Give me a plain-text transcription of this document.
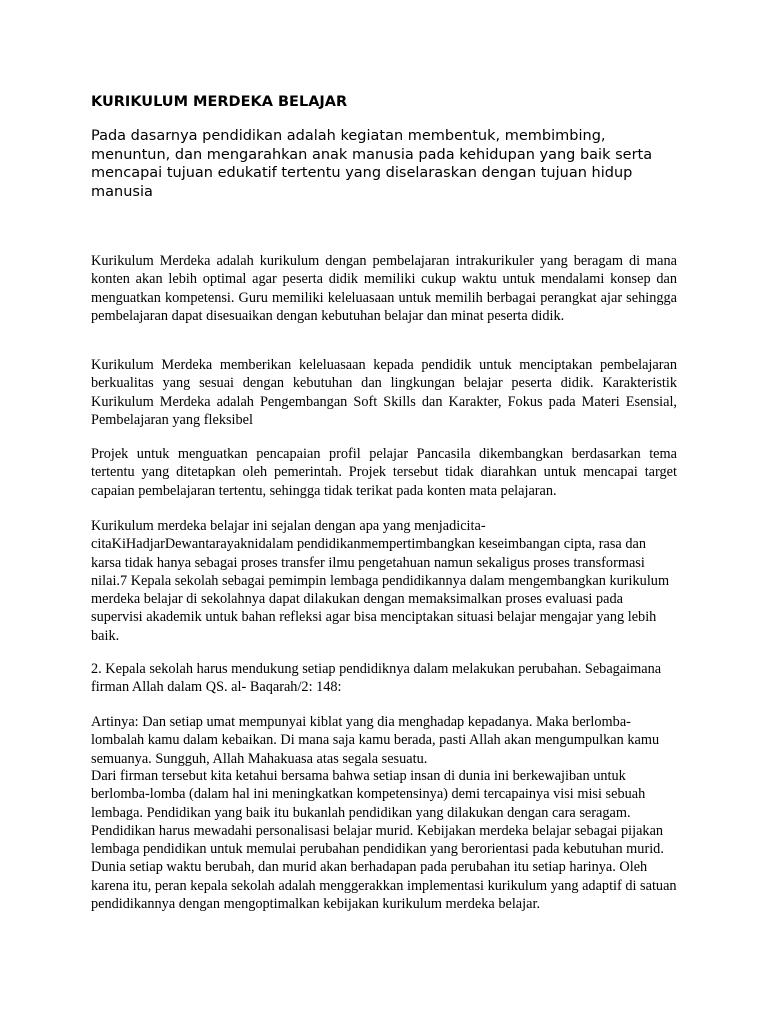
KURIKULUM MERDEKA BELAJAR

Pada dasarnya pendidikan adalah kegiatan membentuk, membimbing, menuntun, dan mengarahkan anak manusia pada kehidupan yang baik serta mencapai tujuan edukatif tertentu yang diselaraskan dengan tujuan hidup manusia

Kurikulum Merdeka adalah kurikulum dengan pembelajaran intrakurikuler yang beragam di mana konten akan lebih optimal agar peserta didik memiliki cukup waktu untuk mendalami konsep dan menguatkan kompetensi. Guru memiliki keleluasaan untuk memilih berbagai perangkat ajar sehingga pembelajaran dapat disesuaikan dengan kebutuhan belajar dan minat peserta didik.

Kurikulum Merdeka memberikan keleluasaan kepada pendidik untuk menciptakan pembelajaran berkualitas yang sesuai dengan kebutuhan dan lingkungan belajar peserta didik. Karakteristik Kurikulum Merdeka adalah Pengembangan Soft Skills dan Karakter, Fokus pada Materi Esensial, Pembelajaran yang fleksibel

Projek untuk menguatkan pencapaian profil pelajar Pancasila dikembangkan berdasarkan tema tertentu yang ditetapkan oleh pemerintah. Projek tersebut tidak diarahkan untuk mencapai target capaian pembelajaran tertentu, sehingga tidak terikat pada konten mata pelajaran.

Kurikulum merdeka belajar ini sejalan dengan apa yang menjadicita-citaKiHadjarDewantarayaknidalam pendidikanmempertimbangkan keseimbangan cipta, rasa dan karsa tidak hanya sebagai proses transfer ilmu pengetahuan namun sekaligus proses transformasi nilai.7 Kepala sekolah sebagai pemimpin lembaga pendidikannya dalam mengembangkan kurikulum merdeka belajar di sekolahnya dapat dilakukan dengan memaksimalkan proses evaluasi pada supervisi akademik untuk bahan refleksi agar bisa menciptakan situasi belajar mengajar yang lebih baik.

2. Kepala sekolah harus mendukung setiap pendidiknya dalam melakukan perubahan. Sebagaimana firman Allah dalam QS. al- Baqarah/2: 148:

Artinya: Dan setiap umat mempunyai kiblat yang dia menghadap kepadanya. Maka berlomba-lombalah kamu dalam kebaikan. Di mana saja kamu berada, pasti Allah akan mengumpulkan kamu semuanya. Sungguh, Allah Mahakuasa atas segala sesuatu.

Dari firman tersebut kita ketahui bersama bahwa setiap insan di dunia ini berkewajiban untuk berlomba-lomba (dalam hal ini meningkatkan kompetensinya) demi tercapainya visi misi sebuah lembaga. Pendidikan yang baik itu bukanlah pendidikan yang dilakukan dengan cara seragam. Pendidikan harus mewadahi personalisasi belajar murid. Kebijakan merdeka belajar sebagai pijakan lembaga pendidikan untuk memulai perubahan pendidikan yang berorientasi pada kebutuhan murid. Dunia setiap waktu berubah, dan murid akan berhadapan pada perubahan itu setiap harinya. Oleh karena itu, peran kepala sekolah adalah menggerakkan implementasi kurikulum yang adaptif di satuan pendidikannya dengan mengoptimalkan kebijakan kurikulum merdeka belajar.
